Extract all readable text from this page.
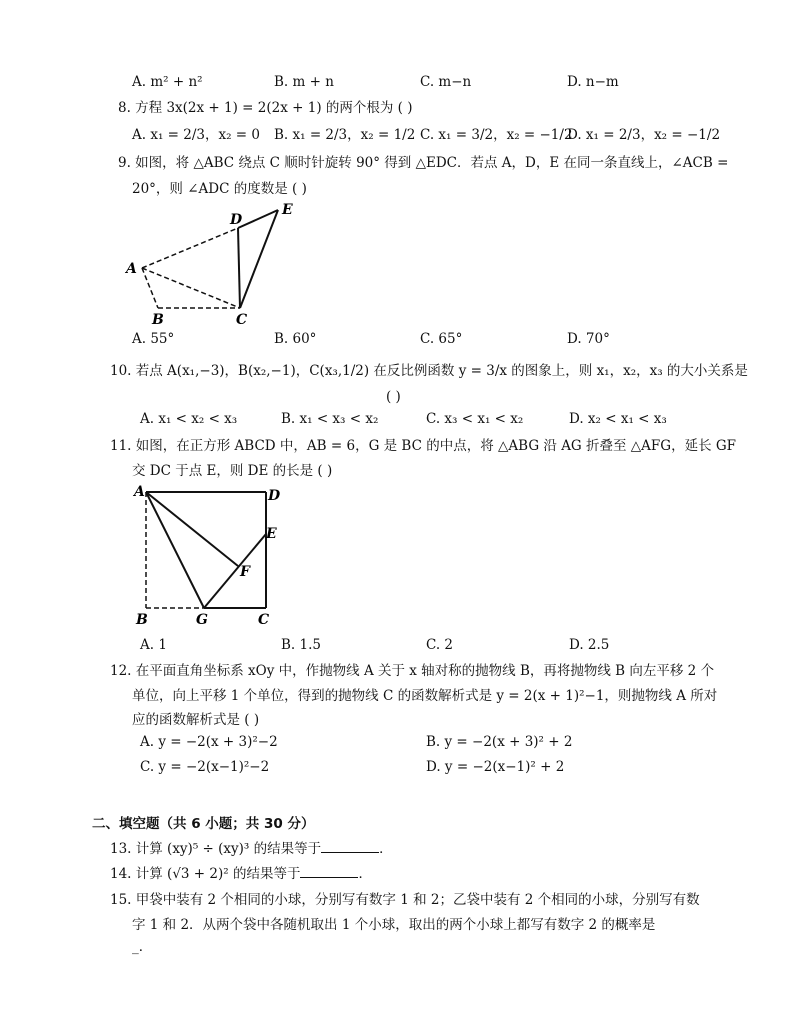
A. m² + n²	B. m + n	C. m−n	D. n−m
8. 方程 3x(2x + 1) = 2(2x + 1) 的两个根为 ( )
A. x₁ = 2/3，x₂ = 0 B. x₁ = 2/3，x₂ = 1/2 C. x₁ = 3/2，x₂ = −1/2
D. x₁ = 2/3，x₂ = −1/2
9. 如图，将 △ABC 绕点 C 顺时针旋转 90° 得到 △EDC．若点 A，D，E 在同一条直线上，∠ACB =
20°，则 ∠ADC 的度数是 ( )
D
E
A
B	C
A. 55°	B. 60°	C. 65°	D. 70°
10. 若点 A(x₁,−3)，B(x₂,−1)，C(x₃,1/2) 在反比例函数 y = 3/x 的图象上，则 x₁，x₂，x₃ 的大小关系是
( )
A. x₁ < x₂ < x₃	B. x₁ < x₃ < x₂	C. x₃ < x₁ < x₂	D. x₂ < x₁ < x₃
11. 如图，在正方形 ABCD 中，AB = 6，G 是 BC 的中点，将 △ABG 沿 AG 折叠至 △AFG，延长 GF
交 DC 于点 E，则 DE 的长是 ( )
A	D
E
F
B	G	C
A. 1	B. 1.5	C. 2	D. 2.5
12. 在平面直角坐标系 xOy 中，作抛物线 A 关于 x 轴对称的抛物线 B，再将抛物线 B 向左平移 2 个
单位，向上平移 1 个单位，得到的抛物线 C 的函数解析式是 y = 2(x + 1)²−1，则抛物线 A 所对
应的函数解析式是 ( )
A. y = −2(x + 3)²−2	B. y = −2(x + 3)² + 2
C. y = −2(x−1)²−2	D. y = −2(x−1)² + 2
二、填空题（共 6 小题；共 30 分）
13. 计算 (xy)⁵ ÷ (xy)³ 的结果等于	．
14. 计算 (√3 + 2)² 的结果等于	．
15. 甲袋中装有 2 个相同的小球，分别写有数字 1 和 2；乙袋中装有 2 个相同的小球，分别写有数
字 1 和 2．从两个袋中各随机取出 1 个小球，取出的两个小球上都写有数字 2 的概率是
_．
